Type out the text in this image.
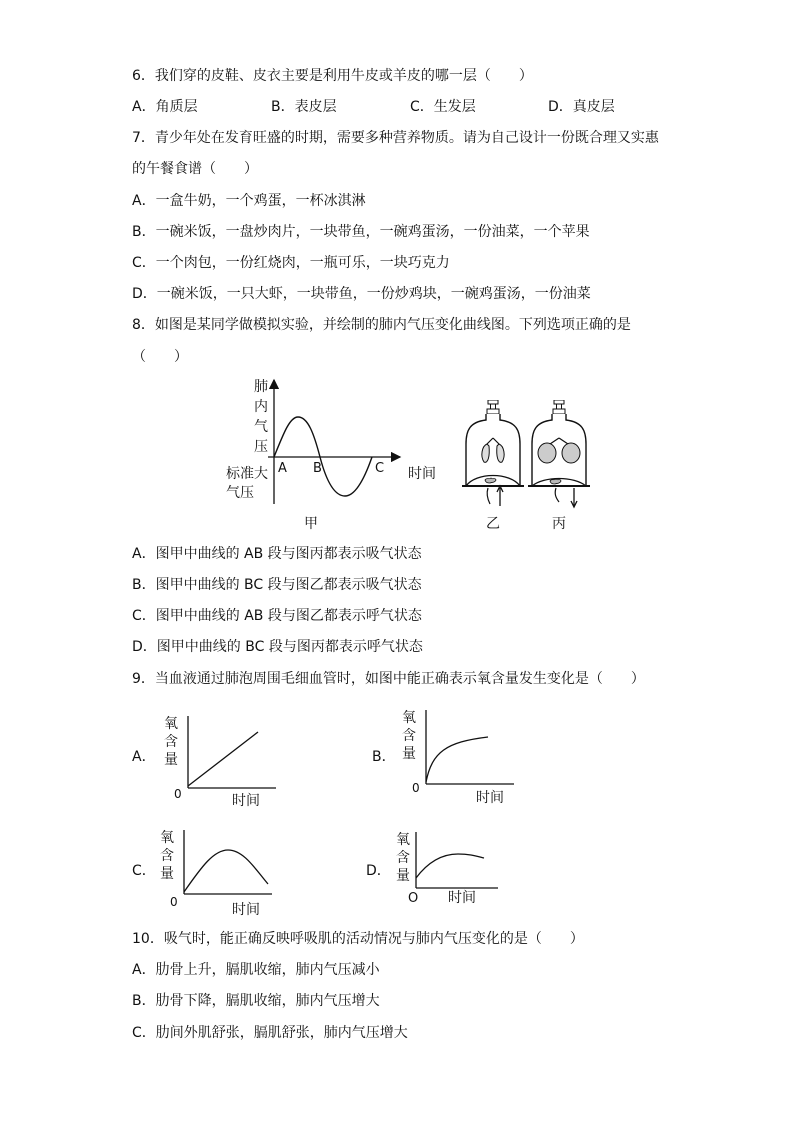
6．我们穿的皮鞋、皮衣主要是利用牛皮或羊皮的哪一层（　　）
A．角质层	B．表皮层	C．生发层	D．真皮层
7．青少年处在发育旺盛的时期，需要多种营养物质。请为自己设计一份既合理又实惠
的午餐食谱（　　）
A．一盒牛奶，一个鸡蛋，一杯冰淇淋
B．一碗米饭，一盘炒肉片，一块带鱼，一碗鸡蛋汤，一份油菜，一个苹果
C．一个肉包，一份红烧肉，一瓶可乐，一块巧克力
D．一碗米饭，一只大虾，一块带鱼，一份炒鸡块，一碗鸡蛋汤，一份油菜
8．如图是某同学做模拟实验，并绘制的肺内气压变化曲线图。下列选项正确的是
（　　）
肺
内
气
压
标准大
气压
A B	C 时间
甲	乙	丙
A．图甲中曲线的 AB 段与图丙都表示吸气状态
B．图甲中曲线的 BC 段与图乙都表示吸气状态
C．图甲中曲线的 AB 段与图乙都表示呼气状态
D．图甲中曲线的 BC 段与图丙都表示呼气状态
9．当血液通过肺泡周围毛细血管时，如图中能正确表示氧含量发生变化是（　　）
A．
氧
含
量
0	时间
B．
氧
含
量
0
时间
C．
氧
含
量
0	时间
D．
氧
含
量
O 时间
10．吸气时，能正确反映呼吸肌的活动情况与肺内气压变化的是（　　）
A．肋骨上升，膈肌收缩，肺内气压减小
B．肋骨下降，膈肌收缩，肺内气压增大
C．肋间外肌舒张，膈肌舒张，肺内气压增大
